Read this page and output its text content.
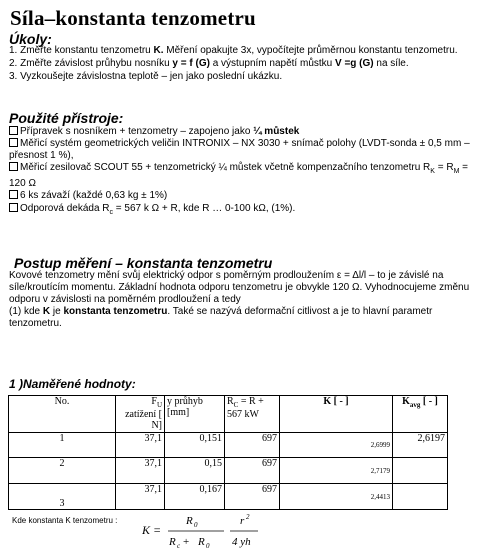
Síla–konstanta tenzometru
Úkoly:

1. Změřte konstantu tenzometru K. Měření opakujte 3x, vypočítejte průměrnou konstantu tenzometru.

2. Změřte závislost průhybu nosníku y = f (G) a výstupním napětí můstku V =g (G) na síle.

3. Vyzkoušejte závislostna teplotě – jen jako poslední ukázku.

Použité přístroje:

Přípravek s nosníkem + tenzometry – zapojeno jako ¼ můstek

Měřicí systém geometrických veličin INTRONIX – NX 3030 + snímač polohy (LVDT-sonda ± 0,5 mm – přesnost 1 %),

Měřicí zesilovač SCOUT 55 + tenzometrický ¼ můstek včetně kompenzačního tenzometru $R_K = R_M = 120$ Ω

6 ks závaží (každé 0,63 kg ± 1%)

Odporová dekáda $R_c = 567$ k Ω + R, kde R … 0-100 kΩ, (1%).

Postup měření – konstanta tenzometru

Kovové tenzometry mění svůj elektrický odpor s poměrným prodloužením ε = Δl/l – to je závislé na síle/kroutícím momentu. Základní hodnota odporu tenzometru je obvykle 120 Ω. Vyhodnocujeme změnu odporu v závislosti na poměrném prodloužení a tedy

(1) kde K je konstanta tenzometru. Také se nazývá deformační citlivost a je to hlavní parametr tenzometru.

1 )Naměřené hodnoty:
No.	$F_U$ zatížení [ N]	y průhyb [mm]	$R_C = R + 567$ kW	K [ - ]	$K_{avg}$ [ - ]
1	37,1	0,151	697	2,6999	2,6197
2	37,1	0,15	697	2,7179	
3	37,1	0,167	697	2,4413	
Kde konstanta K tenzometru :
K =
R 0
R c + R 0
r 2
4 yh
